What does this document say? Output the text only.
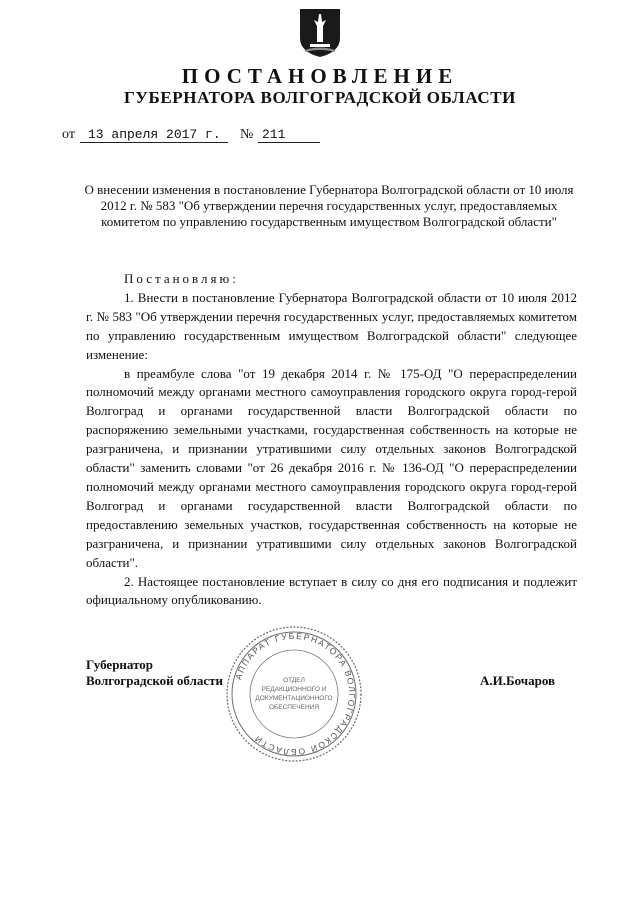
ПОСТАНОВЛЕНИЕ
ГУБЕРНАТОРА ВОЛГОГРАДСКОЙ ОБЛАСТИ
от 13 апреля 2017 г. № 211
О внесении изменения в постановление Губернатора Волгоградской области от 10 июля 2012 г. № 583 "Об утверждении перечня государственных услуг, предоставляемых комитетом по управлению государственным имуществом Волгоградской области"

Постановляю:

1. Внести в постановление Губернатора Волгоградской области от 10 июля 2012 г. № 583 "Об утверждении перечня государственных услуг, предоставляемых комитетом по управлению государственным имуществом Волгоградской области" следующее изменение:

в преамбуле слова "от 19 декабря 2014 г. № 175-ОД "О перераспределении полномочий между органами местного самоуправления городского округа город-герой Волгоград и органами государственной власти Волгоградской области по распоряжению земельными участками, государственная собственность на которые не разграничена, и признании утратившими силу отдельных законов Волгоградской области" заменить словами "от 26 декабря 2016 г. № 136-ОД "О перераспределении полномочий между органами местного самоуправления городского округа город-герой Волгоград и органами государственной власти Волгоградской области по предоставлению земельных участков, государственная собственность на которые не разграничена, и признании утратившими силу отдельных законов Волгоградской области".

2. Настоящее постановление вступает в силу со дня его подписания и подлежит официальному опубликованию.

АППАРАТ ГУБЕРНАТОРА ВОЛГОГРАДСКОЙ ОБЛАСТИ
ОТДЕЛ
РЕДАКЦИОННОГО И
ДОКУМЕНТАЦИОННОГО
ОБЕСПЕЧЕНИЯ
Губернатор
Волгоградской области	А.И.Бочаров
